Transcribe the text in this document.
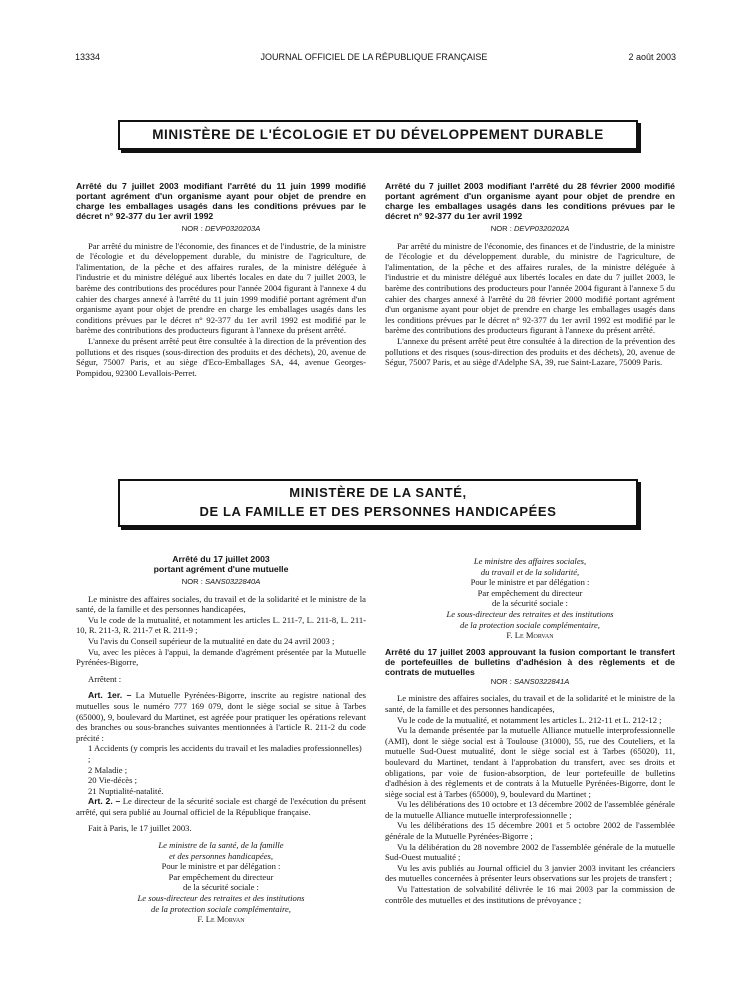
13334	JOURNAL OFFICIEL DE LA RÉPUBLIQUE FRANÇAISE	2 août 2003
MINISTÈRE DE L'ÉCOLOGIE ET DU DÉVELOPPEMENT DURABLE
Arrêté du 7 juillet 2003 modifiant l'arrêté du 11 juin 1999 modifié portant agrément d'un organisme ayant pour objet de prendre en charge les emballages usagés dans les conditions prévues par le décret n° 92-377 du 1er avril 1992
NOR : DEVP0320203A

Par arrêté du ministre de l'économie, des finances et de l'industrie, de la ministre de l'écologie et du développement durable, du ministre de l'agriculture, de l'alimentation, de la pêche et des affaires rurales, de la ministre déléguée à l'industrie et du ministre délégué aux libertés locales en date du 7 juillet 2003, le barème des contributions des procédures pour l'année 2004 figurant à l'annexe 4 du cahier des charges annexé à l'arrêté du 11 juin 1999 modifié portant agrément d'un organisme ayant pour objet de prendre en charge les emballages usagés dans les conditions prévues par le décret n° 92-377 du 1er avril 1992 est modifié par le barème des contributions des producteurs figurant à l'annexe du présent arrêté.

L'annexe du présent arrêté peut être consultée à la direction de la prévention des pollutions et des risques (sous-direction des produits et des déchets), 20, avenue de Ségur, 75007 Paris, et au siège d'Eco-Emballages SA, 44, avenue Georges-Pompidou, 92300 Levallois-Perret.

Arrêté du 7 juillet 2003 modifiant l'arrêté du 28 février 2000 modifié portant agrément d'un organisme ayant pour objet de prendre en charge les emballages usagés dans les conditions prévues par le décret n° 92-377 du 1er avril 1992
NOR : DEVP0320202A

Par arrêté du ministre de l'économie, des finances et de l'industrie, de la ministre de l'écologie et du développement durable, du ministre de l'agriculture, de l'alimentation, de la pêche et des affaires rurales, de la ministre déléguée à l'industrie et du ministre délégué aux libertés locales en date du 7 juillet 2003, le barème des contributions des producteurs pour l'année 2004 figurant à l'annexe 5 du cahier des charges annexé à l'arrêté du 28 février 2000 modifié portant agrément d'un organisme ayant pour objet de prendre en charge les emballages usagés dans les conditions prévues par le décret n° 92-377 du 1er avril 1992 est modifié par le barème des contributions des producteurs figurant à l'annexe du présent arrêté.

L'annexe du présent arrêté peut être consultée à la direction de la prévention des pollutions et des risques (sous-direction des produits et des déchets), 20, avenue de Ségur, 75007 Paris, et au siège d'Adelphe SA, 39, rue Saint-Lazare, 75009 Paris.

MINISTÈRE DE LA SANTÉ,
DE LA FAMILLE ET DES PERSONNES HANDICAPÉES
Arrêté du 17 juillet 2003
portant agrément d'une mutuelle
NOR : SANS0322840A

Le ministre des affaires sociales, du travail et de la solidarité et le ministre de la santé, de la famille et des personnes handicapées,

Vu le code de la mutualité, et notamment les articles L. 211-7, L. 211-8, L. 211-10, R. 211-3, R. 211-7 et R. 211-9 ;

Vu l'avis du Conseil supérieur de la mutualité en date du 24 avril 2003 ;

Vu, avec les pièces à l'appui, la demande d'agrément présentée par la Mutuelle Pyrénées-Bigorre,

Arrêtent :

Art. 1er. – La Mutuelle Pyrénées-Bigorre, inscrite au registre national des mutuelles sous le numéro 777 169 079, dont le siège social se situe à Tarbes (65000), 9, boulevard du Martinet, est agréée pour pratiquer les opérations relevant des branches ou sous-branches suivantes mentionnées à l'article R. 211-2 du code précité :

1 Accidents (y compris les accidents du travail et les maladies professionnelles) ;
2 Maladie ;
20 Vie-décès ;
21 Nuptialité-natalité.

Art. 2. – Le directeur de la sécurité sociale est chargé de l'exécution du présent arrêté, qui sera publié au Journal officiel de la République française.

Fait à Paris, le 17 juillet 2003.

Le ministre de la santé, de la famille
et des personnes handicapées,
Pour le ministre et par délégation :
Par empêchement du directeur
de la sécurité sociale :
Le sous-directeur des retraites et des institutions
de la protection sociale complémentaire,
F. Le Morvan
Le ministre des affaires sociales,
du travail et de la solidarité,
Pour le ministre et par délégation :
Par empêchement du directeur
de la sécurité sociale :
Le sous-directeur des retraites et des institutions
de la protection sociale complémentaire,
F. Le Morvan
Arrêté du 17 juillet 2003 approuvant la fusion comportant le transfert de portefeuilles de bulletins d'adhésion à des règlements et de contrats de mutuelles
NOR : SANS0322841A

Le ministre des affaires sociales, du travail et de la solidarité et le ministre de la santé, de la famille et des personnes handicapées,

Vu le code de la mutualité, et notamment les articles L. 212-11 et L. 212-12 ;

Vu la demande présentée par la mutuelle Alliance mutuelle interprofessionnelle (AMI), dont le siège social est à Toulouse (31000), 55, rue des Couteliers, et la mutuelle Sud-Ouest mutualité, dont le siège social est à Tarbes (65020), 11, boulevard du Martinet, tendant à l'approbation du transfert, avec ses droits et obligations, par voie de fusion-absorption, de leur portefeuille de bulletins d'adhésion à des règlements et de contrats à la Mutuelle Pyrénées-Bigorre, dont le siège social est à Tarbes (65000), 9, boulevard du Martinet ;

Vu les délibérations des 10 octobre et 13 décembre 2002 de l'assemblée générale de la mutuelle Alliance mutuelle interprofessionnelle ;

Vu les délibérations des 15 décembre 2001 et 5 octobre 2002 de l'assemblée générale de la Mutuelle Pyrénées-Bigorre ;

Vu la délibération du 28 novembre 2002 de l'assemblée générale de la mutuelle Sud-Ouest mutualité ;

Vu les avis publiés au Journal officiel du 3 janvier 2003 invitant les créanciers des mutuelles concernées à présenter leurs observations sur les projets de transfert ;

Vu l'attestation de solvabilité délivrée le 16 mai 2003 par la commission de contrôle des mutuelles et des institutions de prévoyance ;
